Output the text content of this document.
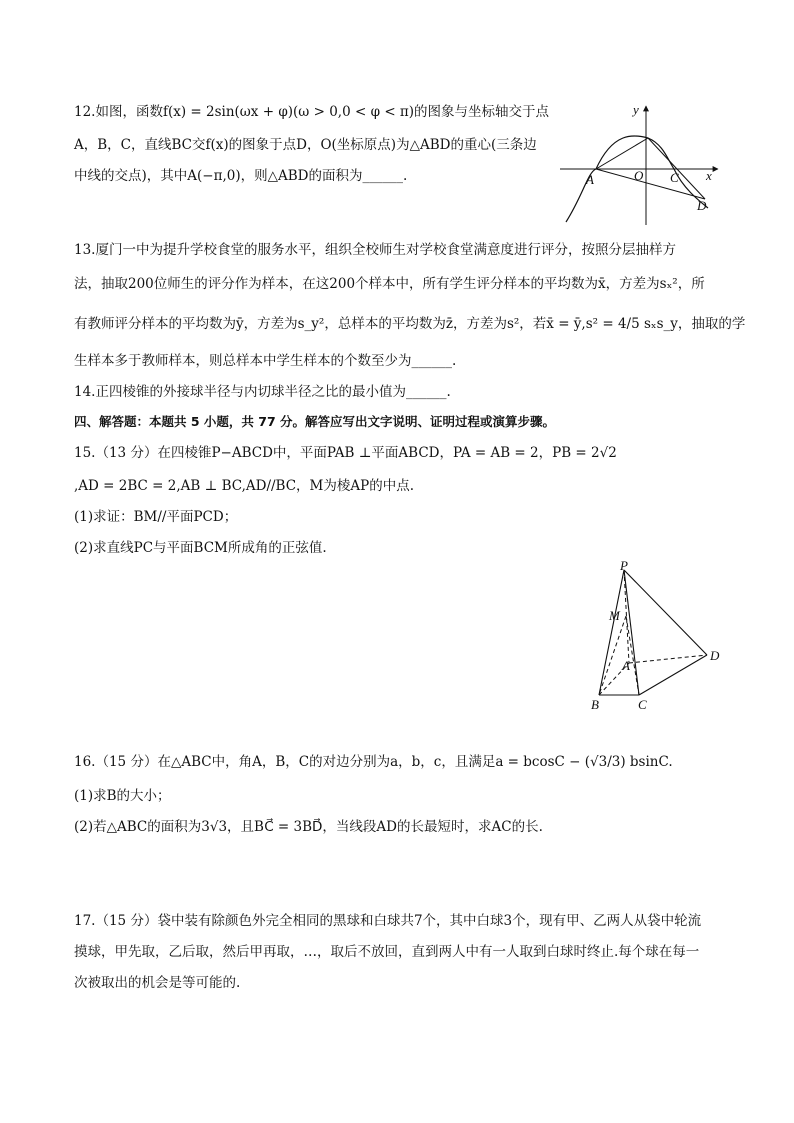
12.如图，函数f(x) = 2sin(ωx + φ)(ω > 0,0 < φ < π)的图象与坐标轴交于点
A，B，C，直线BC交f(x)的图象于点D，O(坐标原点)为△ABD的重心(三条边
中线的交点)，其中A(−π,0)，则△ABD的面积为______.
y
x
A	O C
D
13.厦门一中为提升学校食堂的服务水平，组织全校师生对学校食堂满意度进行评分，按照分层抽样方
法，抽取200位师生的评分作为样本，在这200个样本中，所有学生评分样本的平均数为x̄，方差为sₓ²，所
有教师评分样本的平均数为ȳ，方差为s_y²，总样本的平均数为z̄，方差为s²，若x̄ = ȳ,s² = 4/5 sₓs_y，抽取的学
生样本多于教师样本，则总样本中学生样本的个数至少为______.
14.正四棱锥的外接球半径与内切球半径之比的最小值为______.
四、解答题：本题共 5 小题，共 77 分。解答应写出文字说明、证明过程或演算步骤。
15.（13 分）在四棱锥P−ABCD中，平面PAB ⊥平面ABCD，PA = AB = 2，PB = 2√2
,AD = 2BC = 2,AB ⊥ BC,AD//BC，M为棱AP的中点.
(1)求证：BM//平面PCD；
(2)求直线PC与平面BCM所成角的正弦值.
P
M
A
D
B	C
16.（15 分）在△ABC中，角A，B，C的对边分别为a，b，c，且满足a = bcosC − (√3/3) bsinC.
(1)求B的大小；
(2)若△ABC的面积为3√3，且BC⃗ = 3BD⃗，当线段AD的长最短时，求AC的长.
17.（15 分）袋中装有除颜色外完全相同的黑球和白球共7个，其中白球3个，现有甲、乙两人从袋中轮流
摸球，甲先取，乙后取，然后甲再取，…，取后不放回，直到两人中有一人取到白球时终止.每个球在每一
次被取出的机会是等可能的.
